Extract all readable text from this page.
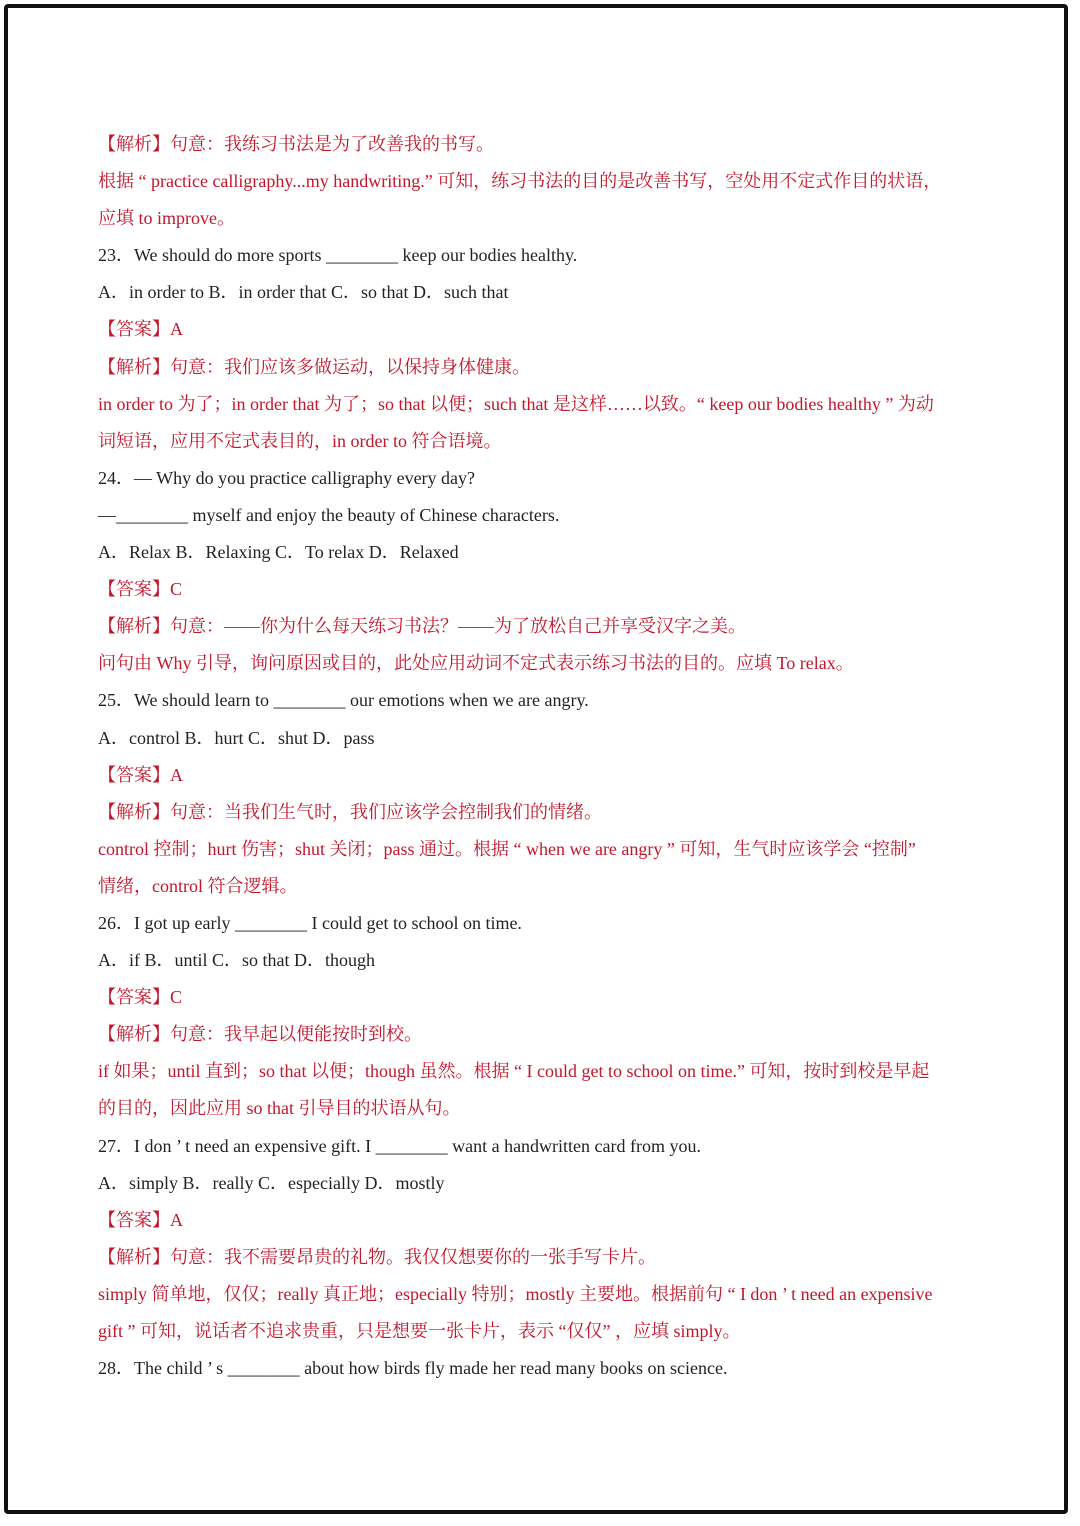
【解析】句意：我练习书法是为了改善我的书写。
根据 “ practice calligraphy...my handwriting.” 可知，练习书法的目的是改善书写，空处用不定式作目的状语，
应填 to improve。
23．We should do more sports ________ keep our bodies healthy.
A．in order to B．in order that C．so that D．such that
【答案】A
【解析】句意：我们应该多做运动，以保持身体健康。
in order to 为了；in order that 为了；so that 以便；such that 是这样……以致。“ keep our bodies healthy ” 为动
词短语，应用不定式表目的，in order to 符合语境。
24．— Why do you practice calligraphy every day?
—________ myself and enjoy the beauty of Chinese characters.
A．Relax B．Relaxing C．To relax D．Relaxed
【答案】C
【解析】句意：——你为什么每天练习书法？——为了放松自己并享受汉字之美。
问句由 Why 引导，询问原因或目的，此处应用动词不定式表示练习书法的目的。应填 To relax。
25．We should learn to ________ our emotions when we are angry.
A．control B．hurt C．shut D．pass
【答案】A
【解析】句意：当我们生气时，我们应该学会控制我们的情绪。
control 控制；hurt 伤害；shut 关闭；pass 通过。根据 “ when we are angry ” 可知，生气时应该学会 “控制”
情绪，control 符合逻辑。
26．I got up early ________ I could get to school on time.
A．if B．until C．so that D．though
【答案】C
【解析】句意：我早起以便能按时到校。
if 如果；until 直到；so that 以便；though 虽然。根据 “ I could get to school on time.” 可知，按时到校是早起
的目的，因此应用 so that 引导目的状语从句。
27．I don ’ t need an expensive gift. I ________ want a handwritten card from you.
A．simply B．really C．especially D．mostly
【答案】A
【解析】句意：我不需要昂贵的礼物。我仅仅想要你的一张手写卡片。
simply 简单地，仅仅；really 真正地；especially 特别；mostly 主要地。根据前句 “ I don ’ t need an expensive
gift ” 可知，说话者不追求贵重，只是想要一张卡片，表示 “仅仅” ，应填 simply。
28．The child ’ s ________ about how birds fly made her read many books on science.
